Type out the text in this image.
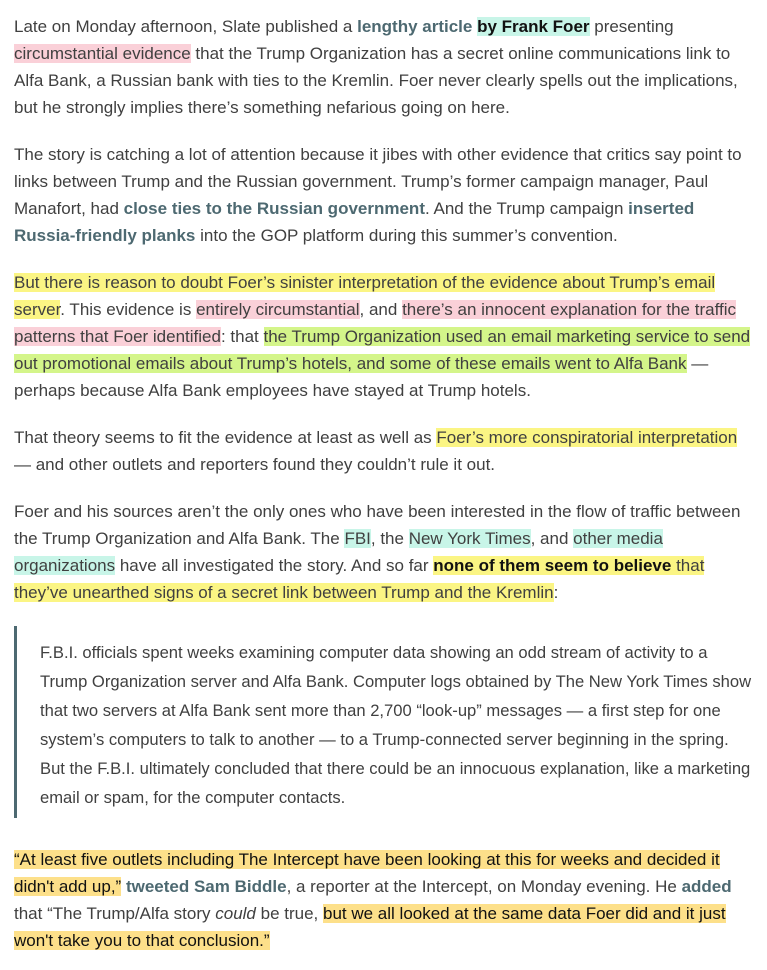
Late on Monday afternoon, Slate published a lengthy article by Frank Foer presenting circumstantial evidence that the Trump Organization has a secret online communications link to Alfa Bank, a Russian bank with ties to the Kremlin. Foer never clearly spells out the implications, but he strongly implies there’s something nefarious going on here.

The story is catching a lot of attention because it jibes with other evidence that critics say point to links between Trump and the Russian government. Trump’s former campaign manager, Paul Manafort, had close ties to the Russian government. And the Trump campaign inserted Russia-friendly planks into the GOP platform during this summer’s convention.

But there is reason to doubt Foer’s sinister interpretation of the evidence about Trump’s email server. This evidence is entirely circumstantial, and there’s an innocent explanation for the traffic patterns that Foer identified: that the Trump Organization used an email marketing service to send out promotional emails about Trump’s hotels, and some of these emails went to Alfa Bank — perhaps because Alfa Bank employees have stayed at Trump hotels.

That theory seems to fit the evidence at least as well as Foer’s more conspiratorial interpretation — and other outlets and reporters found they couldn’t rule it out.

Foer and his sources aren’t the only ones who have been interested in the flow of traffic between the Trump Organization and Alfa Bank. The FBI, the New York Times, and other media organizations have all investigated the story. And so far none of them seem to believe that they’ve unearthed signs of a secret link between Trump and the Kremlin:

F.B.I. officials spent weeks examining computer data showing an odd stream of activity to a Trump Organization server and Alfa Bank. Computer logs obtained by The New York Times show that two servers at Alfa Bank sent more than 2,700 “look-up” messages — a first step for one system’s computers to talk to another — to a Trump-connected server beginning in the spring. But the F.B.I. ultimately concluded that there could be an innocuous explanation, like a marketing email or spam, for the computer contacts.

“At least five outlets including The Intercept have been looking at this for weeks and decided it didn't add up,” tweeted Sam Biddle, a reporter at the Intercept, on Monday evening. He added that “The Trump/Alfa story could be true, but we all looked at the same data Foer did and it just won't take you to that conclusion.”
